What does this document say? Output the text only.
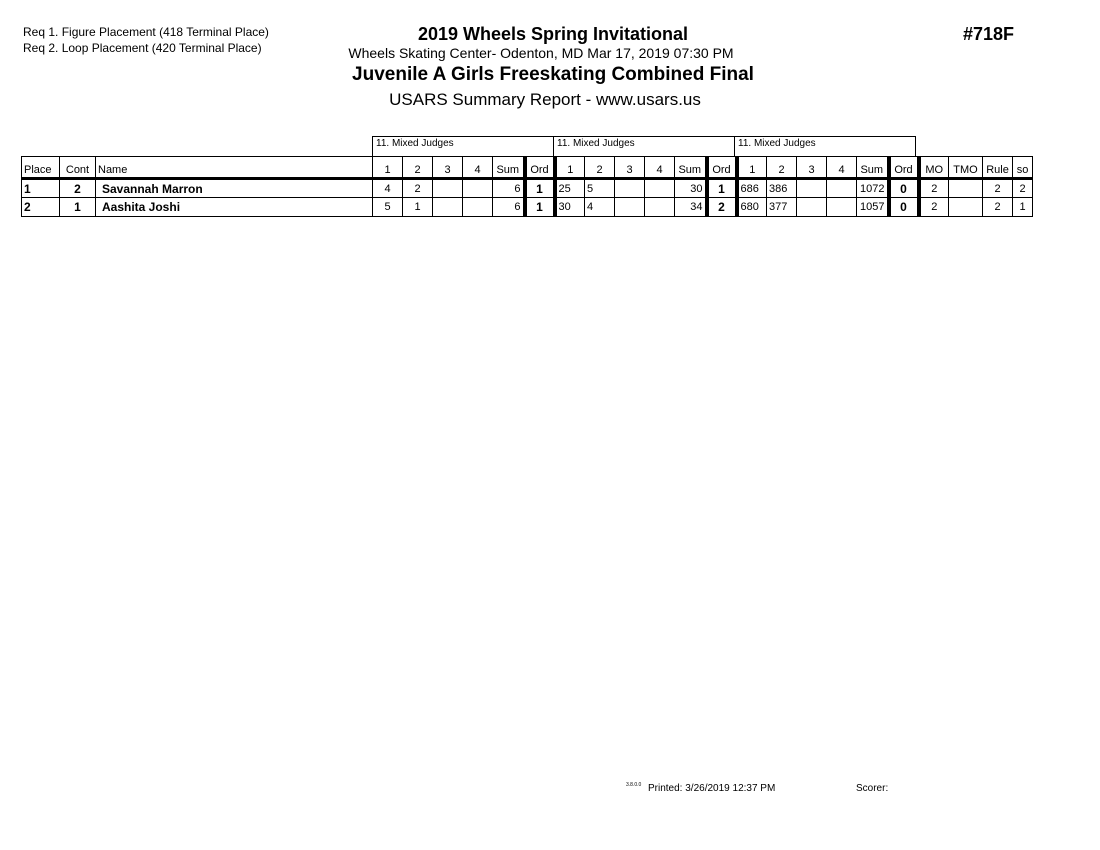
Req 1. Figure Placement (418 Terminal Place)
Req 2. Loop Placement (420 Terminal Place)
2019 Wheels Spring Invitational
Wheels Skating Center- Odenton, MD Mar 17, 2019 07:30 PM
Juvenile A Girls Freeskating Combined Final
USARS Summary Report - www.usars.us
#718F
11. Mixed Judges	11. Mixed Judges	11. Mixed Judges
Place	Cont	Name	1	2	3	4	Sum	Ord	1	2	3	4	Sum	Ord	1	2	3	4	Sum	Ord	MO	TMO	Rule	so
1	2	Savannah Marron	4	2			6	1	25	5			30	1	686	386			1072	0	2		2	2
2	1	Aashita Joshi	5	1			6	1	30	4			34	2	680	377			1057	0	2		2	1
3.8.0.0 Printed: 3/26/2019 12:37 PM	Scorer:
